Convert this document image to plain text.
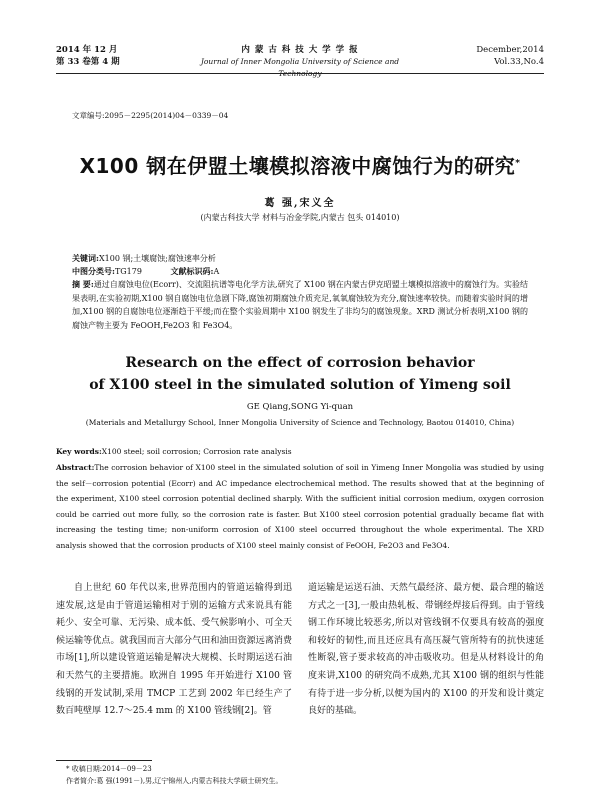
2014 年 12 月
第 33 卷第 4 期
内 蒙 古 科 技 大 学 学 报
Journal of Inner Mongolia University of Science and Technology
December,2014
Vol.33,No.4
文章编号:2095－2295(2014)04－0339－04
X100 钢在伊盟土壤模拟溶液中腐蚀行为的研究*
葛 强,宋义全
(内蒙古科技大学 材料与冶金学院,内蒙古 包头 014010)
关键词:X100 钢;土壤腐蚀;腐蚀速率分析
中图分类号:TG179	文献标识码:A
摘 要:通过自腐蚀电位(Ecorr)、交流阻抗谱等电化学方法,研究了 X100 钢在内蒙古伊克昭盟土壤模拟溶液中的腐蚀行为。实验结果表明,在实验初期,X100 钢自腐蚀电位急剧下降,腐蚀初期腐蚀介质充足,氧氧腐蚀较为充分,腐蚀速率较快。而随着实验时间的增加,X100 钢的自腐蚀电位逐渐趋于平缓;而在整个实验周期中 X100 钢发生了非均匀的腐蚀现象。XRD 测试分析表明,X100 钢的腐蚀产物主要为 FeOOH,Fe2O3 和 Fe3O4。
Research on the effect of corrosion behavior
of X100 steel in the simulated solution of Yimeng soil
GE Qiang,SONG Yi-quan
(Materials and Metallurgy School, Inner Mongolia University of Science and Technology, Baotou 014010, China)
Key words:X100 steel; soil corrosion; Corrosion rate analysis
Abstract:The corrosion behavior of X100 steel in the simulated solution of soil in Yimeng Inner Mongolia was studied by using the self－corrosion potential (Ecorr) and AC impedance electrochemical method. The results showed that at the beginning of the experiment, X100 steel corrosion potential declined sharply. With the sufficient initial corrosion medium, oxygen corrosion could be carried out more fully, so the corrosion rate is faster. But X100 steel corrosion potential gradually became flat with increasing the testing time; non-uniform corrosion of X100 steel occurred throughout the whole experimental. The XRD analysis showed that the corrosion products of X100 steel mainly consist of FeOOH, Fe2O3 and Fe3O4.
自上世纪 60 年代以来,世界范围内的管道运输得到迅速发展,这是由于管道运输相对于别的运输方式来说具有能耗少、安全可靠、无污染、成本低、受气候影响小、可全天候运输等优点。就我国而言大部分气田和油田资源远离消费市场[1],所以建设管道运输是解决大规模、长时期运送石油和天然气的主要措施。欧洲自 1995 年开始进行 X100 管线钢的开发试制,采用 TMCP 工艺到 2002 年已经生产了数百吨壁厚 12.7～25.4 mm 的 X100 管线钢[2]。管
道运输是运送石油、天然气最经济、最方便、最合理的输送方式之一[3],一般由热轧板、带钢经焊接后得到。由于管线钢工作环境比较恶劣,所以对管线钢不仅要具有较高的强度和较好的韧性,而且还应具有高压凝气管所特有的抗快速延性断裂,管子要求较高的冲击吸收功。但是从材料设计的角度来讲,X100 的研究尚不成熟,尤其 X100 钢的组织与性能有待于进一步分析,以便为国内的 X100 的开发和设计奠定良好的基础。
* 收稿日期:2014－09－23
作者简介:葛 强(1991－),男,辽宁锦州人,内蒙古科技大学硕士研究生。
